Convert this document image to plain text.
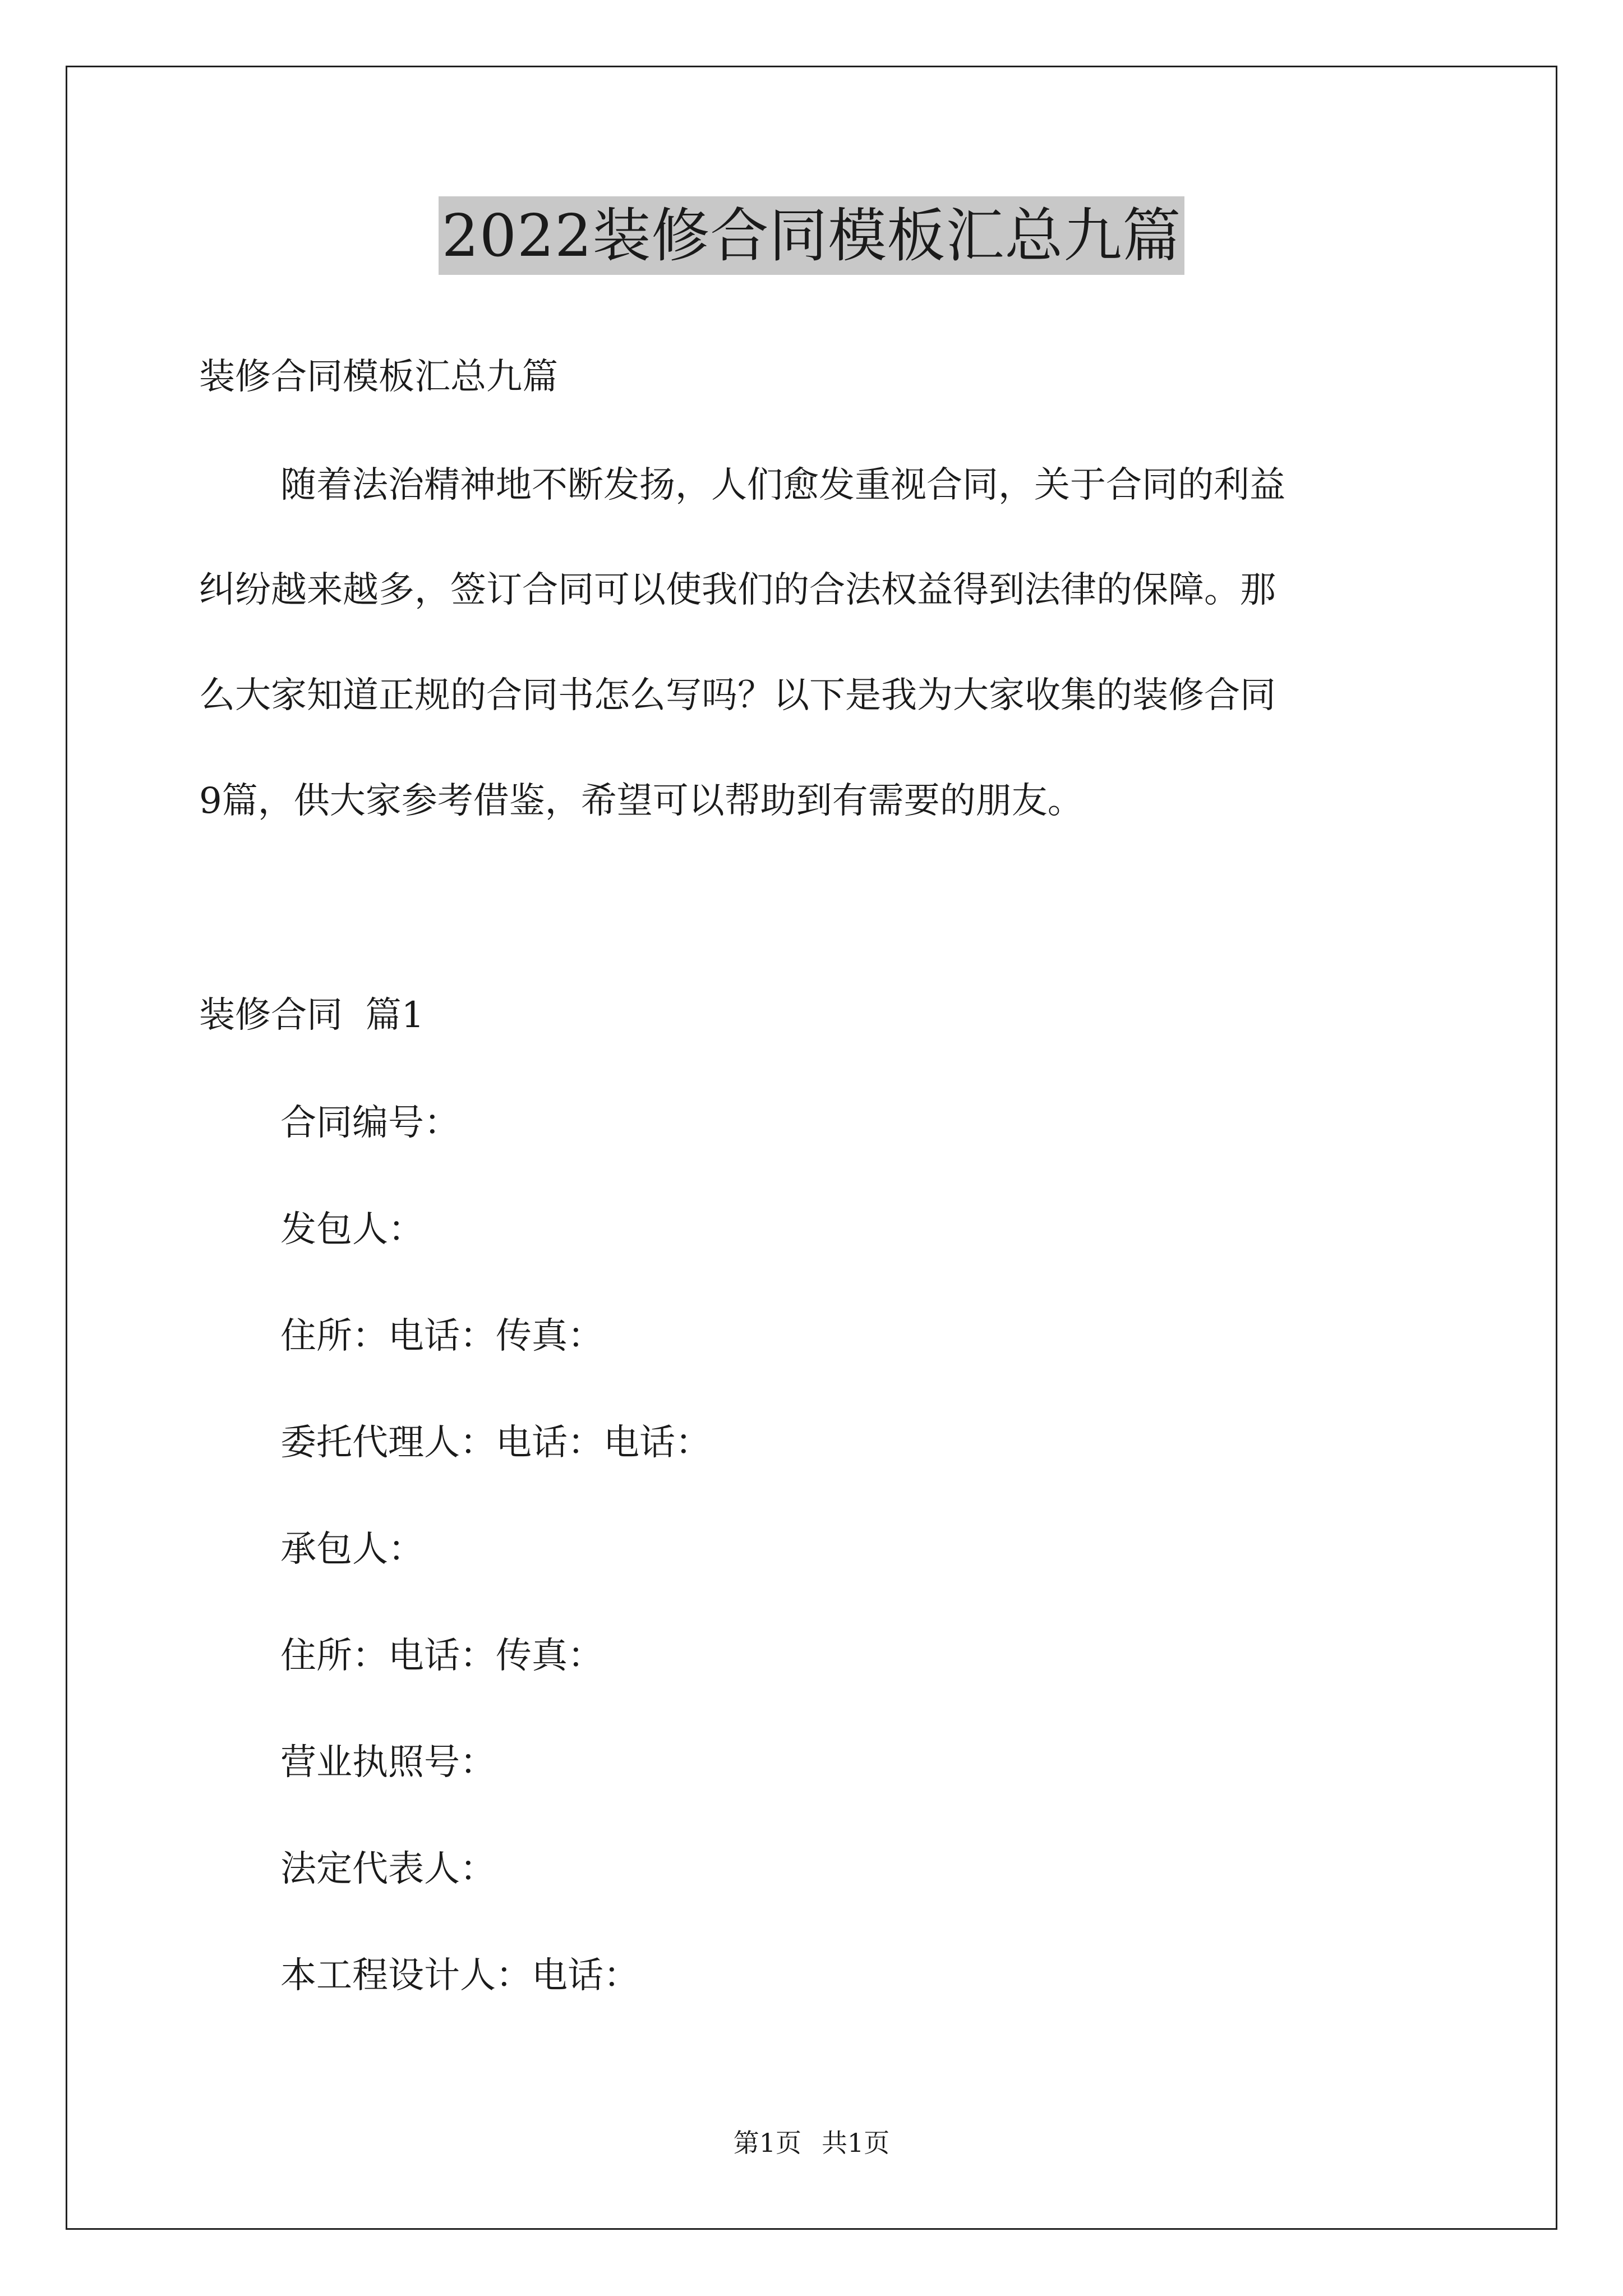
2022装修合同模板汇总九篇
装修合同模板汇总九篇
随着法治精神地不断发扬，人们愈发重视合同，关于合同的利益
纠纷越来越多，签订合同可以使我们的合法权益得到法律的保障。那
么大家知道正规的合同书怎么写吗？以下是我为大家收集的装修合同
9篇，供大家参考借鉴，希望可以帮助到有需要的朋友。
装修合同  篇1
合同编号：
发包人：
住所：电话：传真：
委托代理人：电话：电话：
承包人：
住所：电话：传真：
营业执照号：
法定代表人：
本工程设计人：电话：
第1页 共1页
